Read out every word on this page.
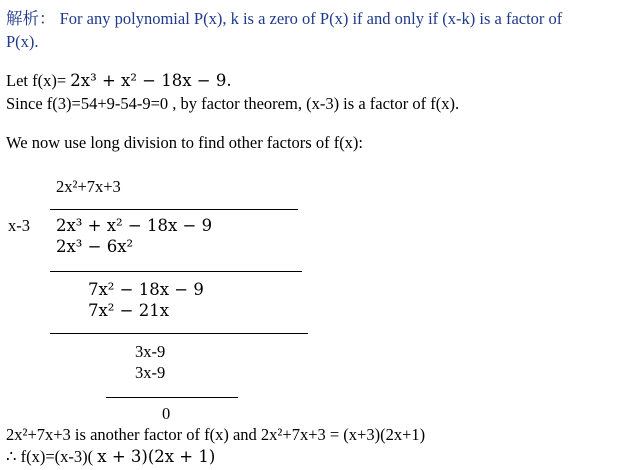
解析： For any polynomial P(x), k is a zero of P(x) if and only if (x-k) is a factor of
P(x).
Let f(x)= 2x³ + x² − 18x − 9.
Since f(3)=54+9-54-9=0 , by factor theorem, (x-3) is a factor of f(x).
We now use long division to find other factors of f(x):
2x²+7x+3
x-3 2x³ + x² − 18x − 9
2x³ − 6x²
7x² − 18x − 9
7x² − 21x
3x-9
3x-9
0
2x²+7x+3 is another factor of f(x) and 2x²+7x+3 = (x+3)(2x+1)
∴ f(x)=(x-3)( x + 3)(2x + 1)
